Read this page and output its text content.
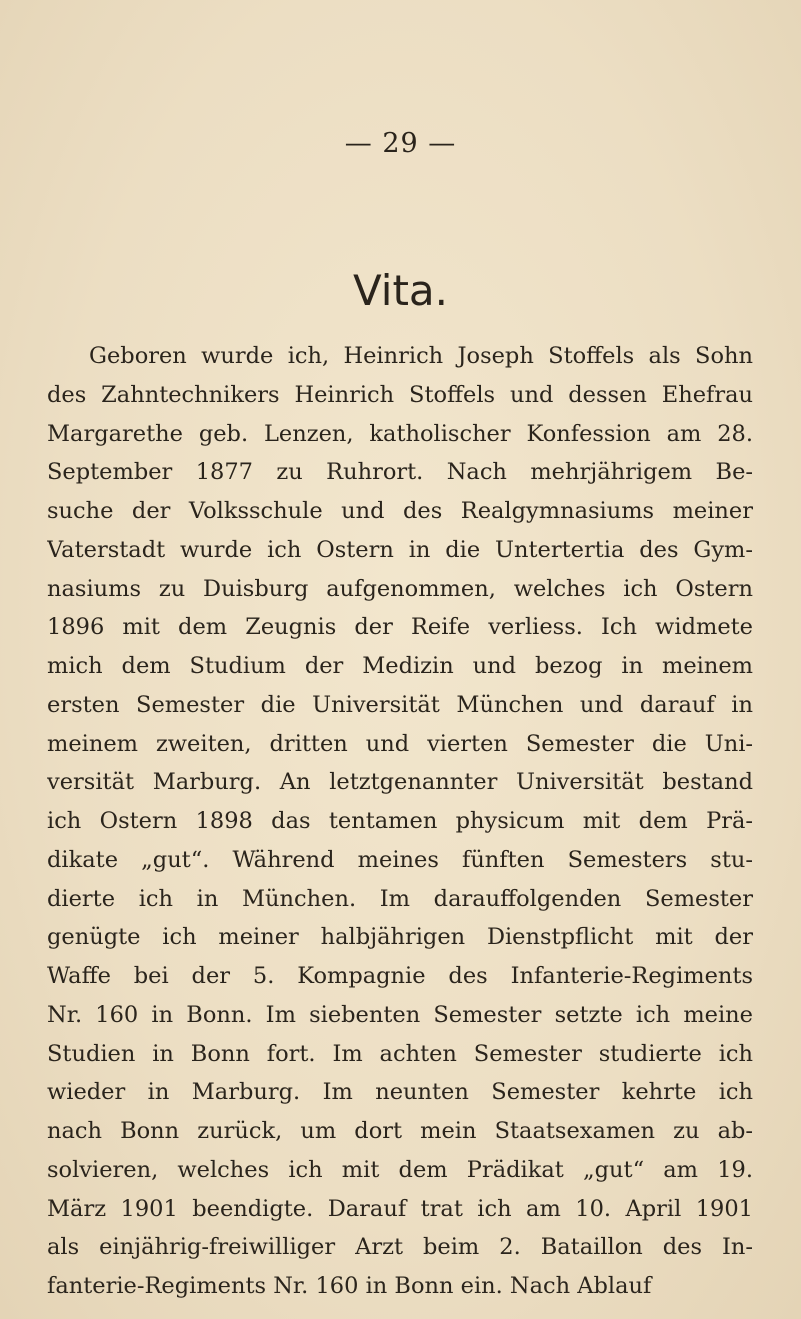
— 29 —
Vita.
Geboren wurde ich, Heinrich Joseph Stoffels als Sohn
des Zahntechnikers Heinrich Stoffels und dessen Ehefrau
Margarethe geb. Lenzen, katholischer Konfession am 28.
September 1877 zu Ruhrort. Nach mehrjährigem Be-
suche der Volksschule und des Realgymnasiums meiner
Vaterstadt wurde ich Ostern in die Untertertia des Gym-
nasiums zu Duisburg aufgenommen, welches ich Ostern
1896 mit dem Zeugnis der Reife verliess. Ich widmete
mich dem Studium der Medizin und bezog in meinem
ersten Semester die Universität München und darauf in
meinem zweiten, dritten und vierten Semester die Uni-
versität Marburg. An letztgenannter Universität bestand
ich Ostern 1898 das tentamen physicum mit dem Prä-
dikate „gut“. Während meines fünften Semesters stu-
dierte ich in München. Im darauffolgenden Semester
genügte ich meiner halbjährigen Dienstpflicht mit der
Waffe bei der 5. Kompagnie des Infanterie-Regiments
Nr. 160 in Bonn. Im siebenten Semester setzte ich meine
Studien in Bonn fort. Im achten Semester studierte ich
wieder in Marburg. Im neunten Semester kehrte ich
nach Bonn zurück, um dort mein Staatsexamen zu ab-
solvieren, welches ich mit dem Prädikat „gut“ am 19.
März 1901 beendigte. Darauf trat ich am 10. April 1901
als einjährig-freiwilliger Arzt beim 2. Bataillon des In-
fanterie-Regiments Nr. 160 in Bonn ein. Nach Ablauf
